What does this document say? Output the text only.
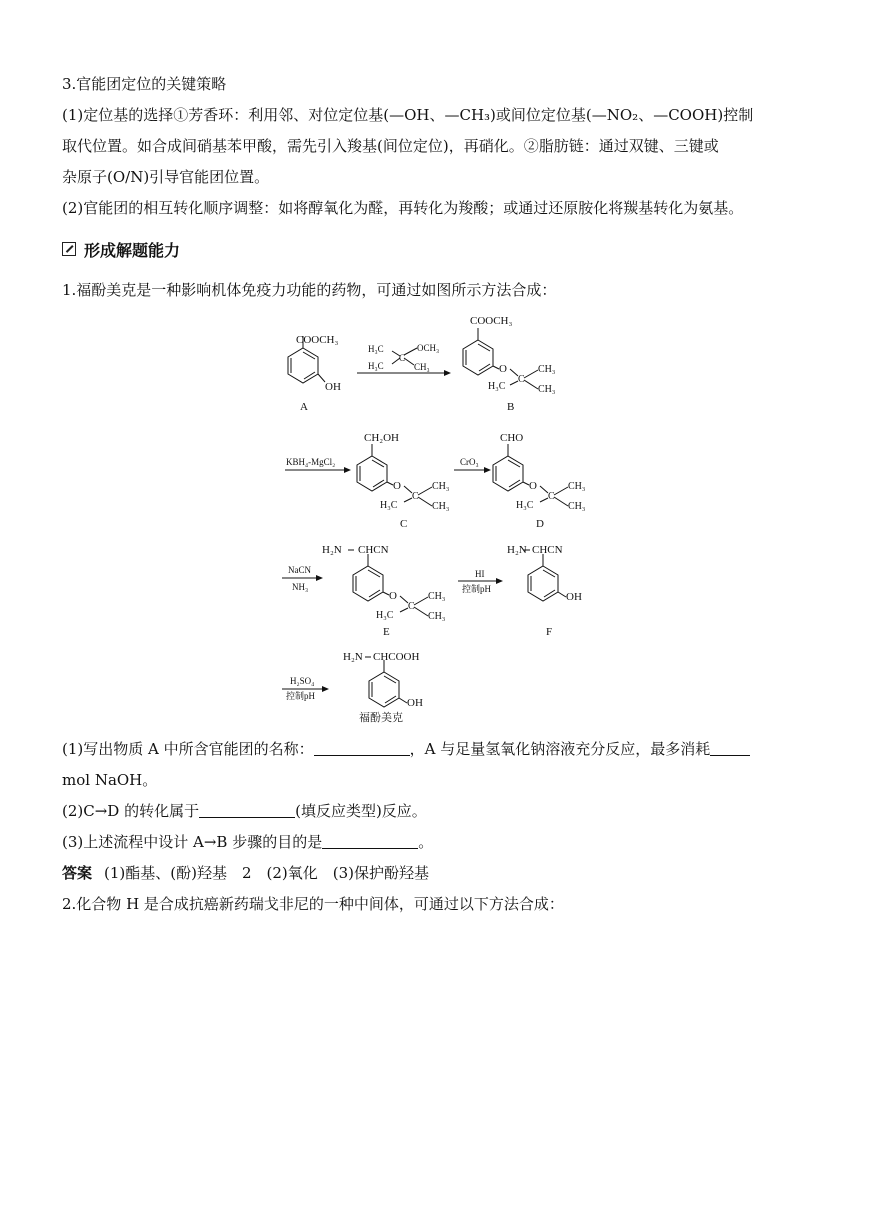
3.官能团定位的关键策略
(1)定位基的选择①芳香环：利用邻、对位定位基(—OH、—CH₃)或间位定位基(—NO₂、—COOH)控制
取代位置。如合成间硝基苯甲酸，需先引入羧基(间位定位)，再硝化。②脂肪链：通过双键、三键或
杂原子(O/N)引导官能团位置。
(2)官能团的相互转化顺序调整：如将醇氧化为醛，再转化为羧酸；或通过还原胺化将羰基转化为氨基。
形成解题能力
1.福酚美克是一种影响机体免疫力功能的药物，可通过如图所示方法合成：
COOCH₃
OH
A
H₃C
H₃C
C
OCH₃
CH₃
COOCH₃
O
C
CH₃
CH₃
H₃C
B
KBH₄-MgCl₂
CH₂OH
O
C
CH₃
CH₃
H₃C
C
CrO₃
CHO
O
C
CH₃
CH₃
H₃C
D
NaCN
NH₃
H₂N CHCN
O
C
CH₃
CH₃
H₃C
E
HI
控制pH
H₂N CHCN
OH
F
H₂SO₄
控制pH
H₂N CHCOOH
OH
福酚美克
(1)写出物质 A 中所含官能团的名称：	，A 与足量氢氧化钠溶液充分反应，最多消耗
mol NaOH。
(2)C→D 的转化属于	(填反应类型)反应。
(3)上述流程中设计 A→B 步骤的目的是	。
答案 (1)酯基、(酚)羟基　2　(2)氧化　(3)保护酚羟基
2.化合物 H 是合成抗癌新药瑞戈非尼的一种中间体，可通过以下方法合成：
